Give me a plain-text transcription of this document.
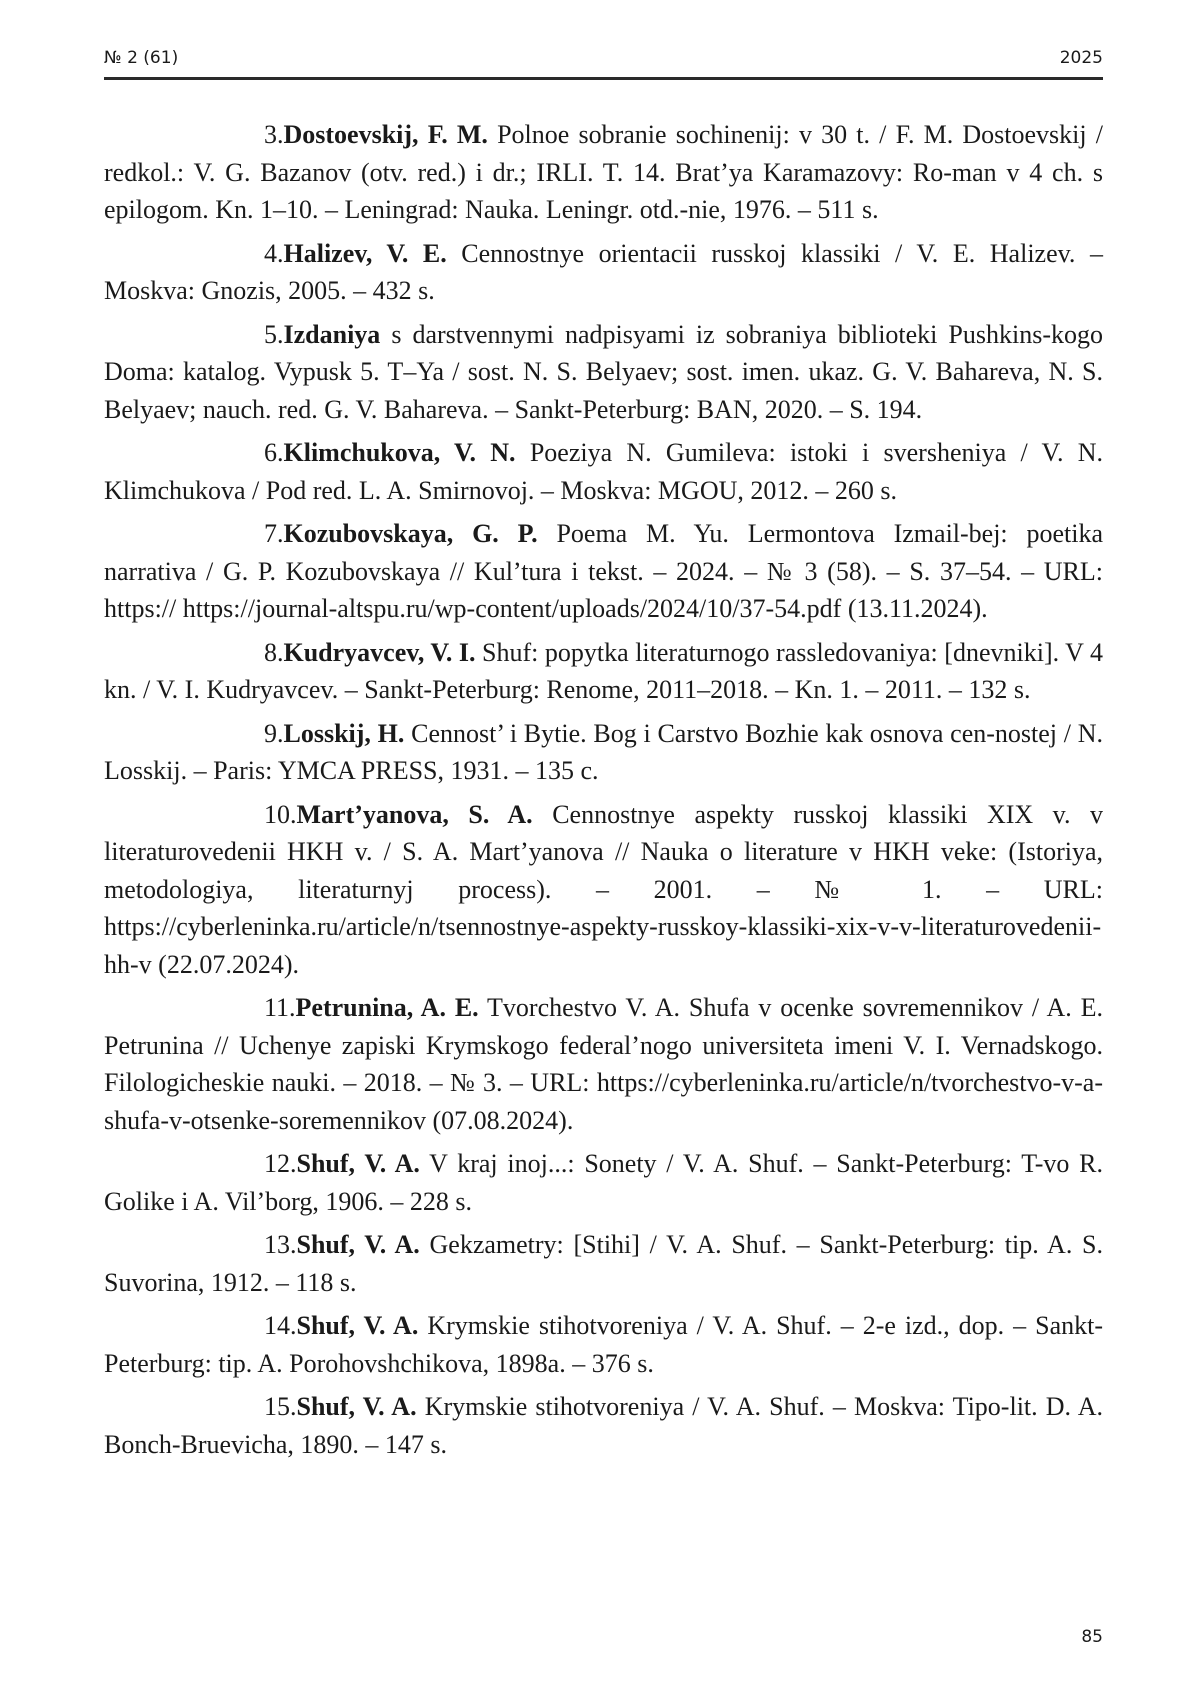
№ 2 (61)	2025

3.Dostoevskij, F. M. Polnoe sobranie sochinenij: v 30 t. / F. M. Dostoevskij / redkol.: V. G. Bazanov (otv. red.) i dr.; IRLI. T. 14. Brat’ya Karamazovy: Ro-man v 4 ch. s epilogom. Kn. 1–10. – Leningrad: Nauka. Leningr. otd.-nie, 1976. – 511 s.

4.Halizev, V. E. Cennostnye orientacii russkoj klassiki / V. E. Halizev. – Moskva: Gnozis, 2005. – 432 s.

5.Izdaniya s darstvennymi nadpisyami iz sobraniya biblioteki Pushkins-kogo Doma: katalog. Vypusk 5. T–Ya / sost. N. S. Belyaev; sost. imen. ukaz. G. V. Bahareva, N. S. Belyaev; nauch. red. G. V. Bahareva. – Sankt-Peterburg: BAN, 2020. – S. 194.

6.Klimchukova, V. N. Poeziya N. Gumileva: istoki i sversheniya / V. N. Klimchukova / Pod red. L. A. Smirnovoj. – Moskva: MGOU, 2012. – 260 s.

7.Kozubovskaya, G. P. Poema M. Yu. Lermontova Izmail-bej: poetika narrativa / G. P. Kozubovskaya // Kul’tura i tekst. – 2024. – № 3 (58). – S. 37–54. – URL: https:// https://journal-altspu.ru/wp-content/uploads/2024/10/37-54.pdf (13.11.2024).

8.Kudryavcev, V. I. Shuf: popytka literaturnogo rassledovaniya: [dnevniki]. V 4 kn. / V. I. Kudryavcev. – Sankt-Peterburg: Renome, 2011–2018. – Kn. 1. – 2011. – 132 s.

9.Losskij, H. Cennost’ i Bytie. Bog i Carstvo Bozhie kak osnova cen-nostej / N. Losskij. – Paris: YMCA PRESS, 1931. – 135 c.

10.Mart’yanova, S. A. Cennostnye aspekty russkoj klassiki XIX v. v literaturovedenii HKH v. / S. A. Mart’yanova // Nauka o literature v HKH veke: (Istoriya, metodologiya, literaturnyj process). – 2001. – № 1. – URL: https://cyberleninka.ru/article/n/tsennostnye-aspekty-russkoy-klassiki-xix-v-v-literaturovedenii-hh-v (22.07.2024).

11.Petrunina, A. E. Tvorchestvo V. A. Shufa v ocenke sovremennikov / A. E. Petrunina // Uchenye zapiski Krymskogo federal’nogo universiteta imeni V. I. Vernadskogo. Filologicheskie nauki. – 2018. – № 3. – URL: https://cyberleninka.ru/article/n/tvorchestvo-v-a-shufa-v-otsenke-soremennikov (07.08.2024).

12.Shuf, V. A. V kraj inoj...: Sonety / V. A. Shuf. – Sankt-Peterburg: T-vo R. Golike i A. Vil’borg, 1906. – 228 s.

13.Shuf, V. A. Gekzametry: [Stihi] / V. A. Shuf. – Sankt-Peterburg: tip. A. S. Suvorina, 1912. – 118 s.

14.Shuf, V. A. Krymskie stihotvoreniya / V. A. Shuf. – 2-e izd., dop. – Sankt-Peterburg: tip. A. Porohovshchikova, 1898a. – 376 s.

15.Shuf, V. A. Krymskie stihotvoreniya / V. A. Shuf. – Moskva: Tipo-lit. D. A. Bonch-Bruevicha, 1890. – 147 s.

85
